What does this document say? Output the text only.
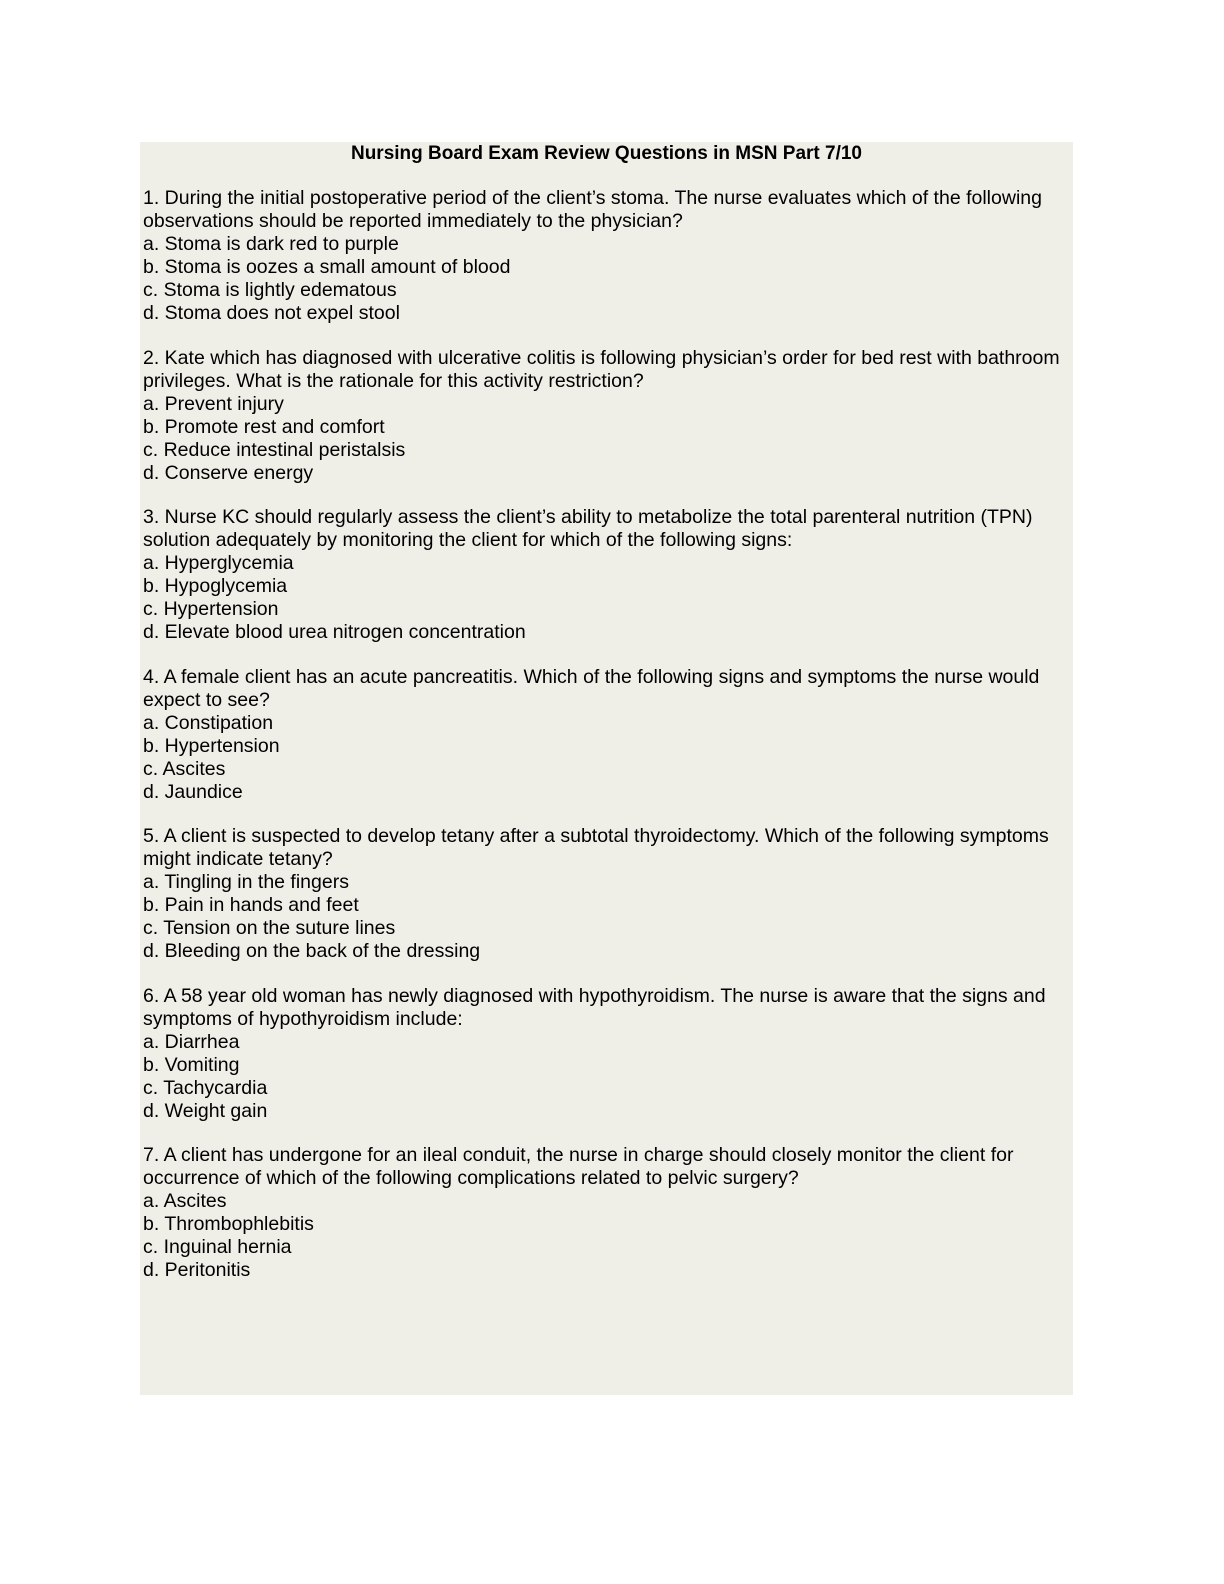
Nursing Board Exam Review Questions in MSN Part 7/10
1. During the initial postoperative period of the client’s stoma. The nurse evaluates which of the following observations should be reported immediately to the physician?
a. Stoma is dark red to purple
b. Stoma is oozes a small amount of blood
c. Stoma is lightly edematous
d. Stoma does not expel stool
2. Kate which has diagnosed with ulcerative colitis is following physician’s order for bed rest with bathroom privileges. What is the rationale for this activity restriction?
a. Prevent injury
b. Promote rest and comfort
c. Reduce intestinal peristalsis
d. Conserve energy
3. Nurse KC should regularly assess the client’s ability to metabolize the total parenteral nutrition (TPN) solution adequately by monitoring the client for which of the following signs:
a. Hyperglycemia
b. Hypoglycemia
c. Hypertension
d. Elevate blood urea nitrogen concentration
4. A female client has an acute pancreatitis. Which of the following signs and symptoms the nurse would expect to see?
a. Constipation
b. Hypertension
c. Ascites
d. Jaundice
5. A client is suspected to develop tetany after a subtotal thyroidectomy. Which of the following symptoms might indicate tetany?
a. Tingling in the fingers
b. Pain in hands and feet
c. Tension on the suture lines
d. Bleeding on the back of the dressing
6. A 58 year old woman has newly diagnosed with hypothyroidism. The nurse is aware that the signs and symptoms of hypothyroidism include:
a. Diarrhea
b. Vomiting
c. Tachycardia
d. Weight gain
7. A client has undergone for an ileal conduit, the nurse in charge should closely monitor the client for occurrence of which of the following complications related to pelvic surgery?
a. Ascites
b. Thrombophlebitis
c. Inguinal hernia
d. Peritonitis
